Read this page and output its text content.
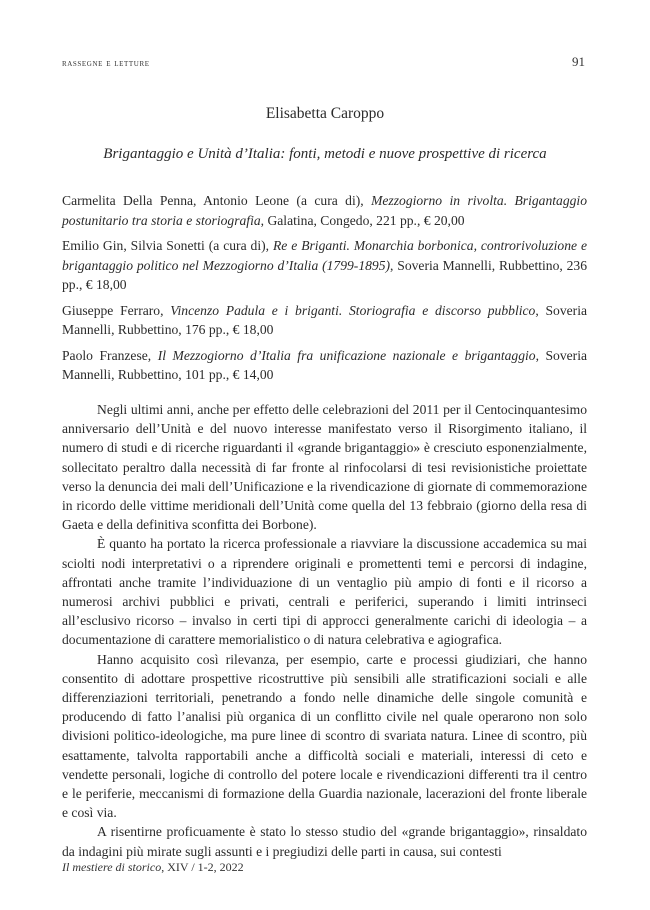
rassegne e letture	91
Elisabetta Caroppo
Brigantaggio e Unità d’Italia: fonti, metodi e nuove prospettive di ricerca

Carmelita Della Penna, Antonio Leone (a cura di), Mezzogiorno in rivolta. Brigantaggio postunitario tra storia e storiografia, Galatina, Congedo, 221 pp., € 20,00

Emilio Gin, Silvia Sonetti (a cura di), Re e Briganti. Monarchia borbonica, controrivoluzione e brigantaggio politico nel Mezzogiorno d’Italia (1799-1895), Soveria Mannelli, Rubbettino, 236 pp., € 18,00

Giuseppe Ferraro, Vincenzo Padula e i briganti. Storiografia e discorso pubblico, Soveria Mannelli, Rubbettino, 176 pp., € 18,00

Paolo Franzese, Il Mezzogiorno d’Italia fra unificazione nazionale e brigantaggio, Soveria Mannelli, Rubbettino, 101 pp., € 14,00

Negli ultimi anni, anche per effetto delle celebrazioni del 2011 per il Centocinquantesimo anniversario dell’Unità e del nuovo interesse manifestato verso il Risorgimento italiano, il numero di studi e di ricerche riguardanti il «grande brigantaggio» è cresciuto esponenzialmente, sollecitato peraltro dalla necessità di far fronte al rinfocolarsi di tesi revisionistiche proiettate verso la denuncia dei mali dell’Unificazione e la rivendicazione di giornate di commemorazione in ricordo delle vittime meridionali dell’Unità come quella del 13 febbraio (giorno della resa di Gaeta e della definitiva sconfitta dei Borbone).

È quanto ha portato la ricerca professionale a riavviare la discussione accademica su mai sciolti nodi interpretativi o a riprendere originali e promettenti temi e percorsi di indagine, affrontati anche tramite l’individuazione di un ventaglio più ampio di fonti e il ricorso a numerosi archivi pubblici e privati, centrali e periferici, superando i limiti intrinseci all’esclusivo ricorso – invalso in certi tipi di approcci generalmente carichi di ideologia – a documentazione di carattere memorialistico o di natura celebrativa e agiografica.

Hanno acquisito così rilevanza, per esempio, carte e processi giudiziari, che hanno consentito di adottare prospettive ricostruttive più sensibili alle stratificazioni sociali e alle differenziazioni territoriali, penetrando a fondo nelle dinamiche delle singole comunità e producendo di fatto l’analisi più organica di un conflitto civile nel quale operarono non solo divisioni politico-ideologiche, ma pure linee di scontro di svariata natura. Linee di scontro, più esattamente, talvolta rapportabili anche a difficoltà sociali e materiali, interessi di ceto e vendette personali, logiche di controllo del potere locale e rivendicazioni differenti tra il centro e le periferie, meccanismi di formazione della Guardia nazionale, lacerazioni del fronte liberale e così via.

A risentirne proficuamente è stato lo stesso studio del «grande brigantaggio», rinsaldato da indagini più mirate sugli assunti e i pregiudizi delle parti in causa, sui contesti

Il mestiere di storico, XIV / 1-2, 2022
